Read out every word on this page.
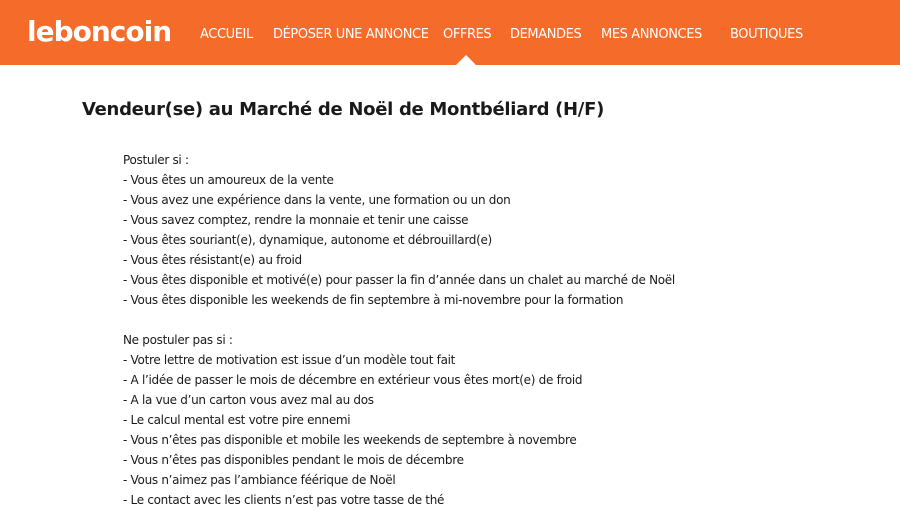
leboncoin ACCUEIL DÉPOSER UNE ANNONCE OFFRES DEMANDES MES ANNONCES BOUTIQUES
Vendeur(se) au Marché de Noël de Montbéliard (H/F)
Postuler si :
- Vous êtes un amoureux de la vente
- Vous avez une expérience dans la vente, une formation ou un don
- Vous savez comptez, rendre la monnaie et tenir une caisse
- Vous êtes souriant(e), dynamique, autonome et débrouillard(e)
- Vous êtes résistant(e) au froid
- Vous êtes disponible et motivé(e) pour passer la fin d’année dans un chalet au marché de Noël
- Vous êtes disponible les weekends de fin septembre à mi-novembre pour la formation
Ne postuler pas si :
- Votre lettre de motivation est issue d’un modèle tout fait
- A l’idée de passer le mois de décembre en extérieur vous êtes mort(e) de froid
- A la vue d’un carton vous avez mal au dos
- Le calcul mental est votre pire ennemi
- Vous n’êtes pas disponible et mobile les weekends de septembre à novembre
- Vous n’êtes pas disponibles pendant le mois de décembre
- Vous n’aimez pas l’ambiance féérique de Noël
- Le contact avec les clients n’est pas votre tasse de thé
